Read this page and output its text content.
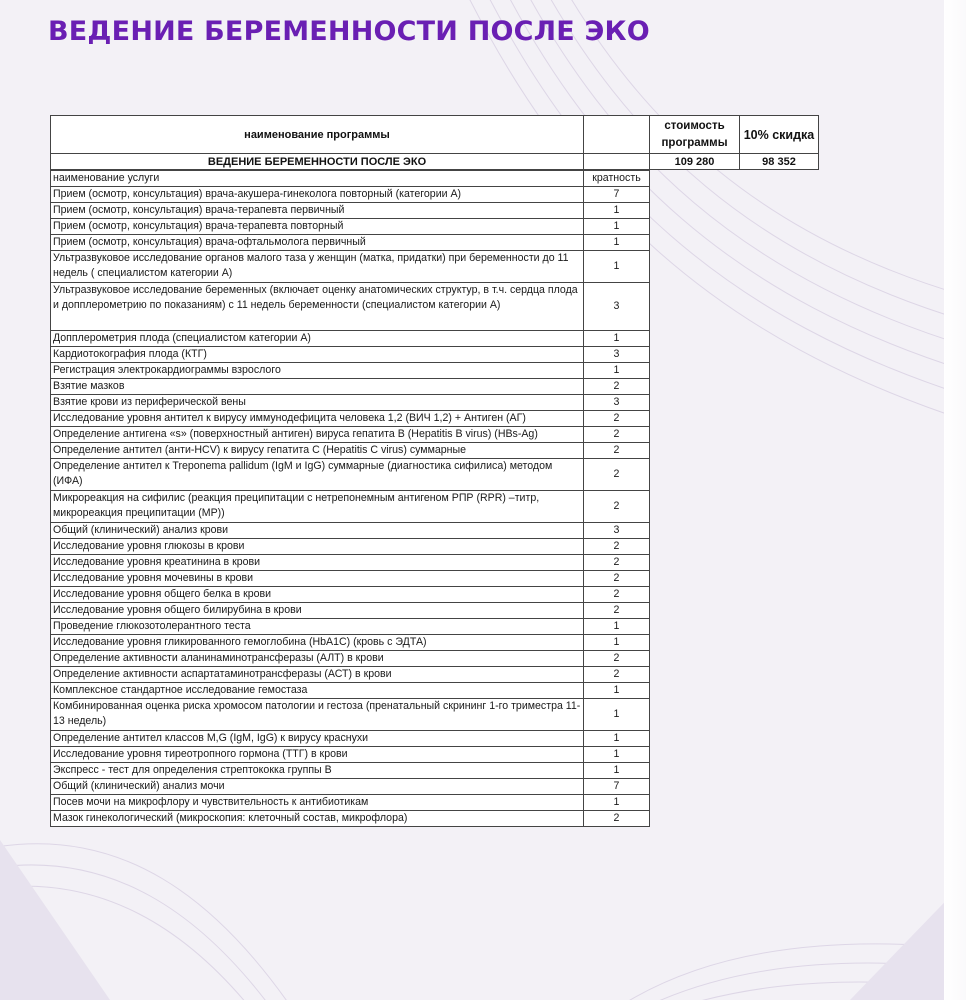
ВЕДЕНИЕ БЕРЕМЕННОСТИ ПОСЛЕ ЭКО
наименование программы		стоимость программы	10% скидка
ВЕДЕНИЕ БЕРЕМЕННОСТИ ПОСЛЕ ЭКО		109 280	98 352
наименование услуги	кратность
Прием (осмотр, консультация) врача-акушера-гинеколога повторный (категории А)	7
Прием (осмотр, консультация) врача-терапевта первичный	1
Прием (осмотр, консультация) врача-терапевта повторный	1
Прием (осмотр, консультация) врача-офтальмолога первичный	1
Ультразвуковое исследование органов малого таза у женщин (матка, придатки) при беременности до 11 недель ( специалистом категории А)	1
Ультразвуковое исследование беременных (включает оценку анатомических структур, в т.ч. сердца плода и допплерометрию по показаниям) с 11 недель беременности (специалистом категории А)	3
Допплерометрия плода (специалистом категории А)	1
Кардиотокография плода (КТГ)	3
Регистрация электрокардиограммы взрослого	1
Взятие мазков	2
Взятие крови из периферической вены	3
Исследование уровня антител к вирусу иммунодефицита человека 1,2 (ВИЧ 1,2) + Антиген (АГ)	2
Определение антигена «s» (поверхностный антиген) вируса гепатита В (Hepatitis B virus) (HBs-Ag)	2
Определение антител (анти-HCV) к вирусу гепатита С (Hepatitis C virus) суммарные	2
Определение антител к Treponema pallidum (IgM и IgG) суммарные (диагностика сифилиса) методом (ИФА)	2
Микрореакция на сифилис (реакция преципитации с нетрепонемным антигеном РПР (RPR) –титр, микрореакция преципитации (МР))	2
Общий (клинический) анализ крови	3
Исследование уровня глюкозы в крови	2
Исследование уровня креатинина в крови	2
Исследование уровня мочевины в крови	2
Исследование уровня общего белка в крови	2
Исследование уровня общего билирубина в крови	2
Проведение глюкозотолерантного теста	1
Исследование уровня гликированного гемоглобина (HbA1C) (кровь с ЭДТА)	1
Определение активности аланинаминотрансферазы (АЛТ) в крови	2
Определение активности аспартатаминотрансферазы (АСТ) в крови	2
Комплексное стандартное исследование гемостаза	1
Комбинированная оценка риска хромосом патологии и гестоза (пренатальный скрининг 1-го триместра 11-13 недель)	1
Определение антител классов M,G (IgM, IgG) к вирусу краснухи	1
Исследование уровня тиреотропного гормона (ТТГ) в крови	1
Экспресс - тест для определения стрептококка группы В	1
Общий (клинический) анализ мочи	7
Посев мочи на микрофлору и чувствительность к антибиотикам	1
Мазок гинекологический (микроскопия: клеточный состав, микрофлора)	2
